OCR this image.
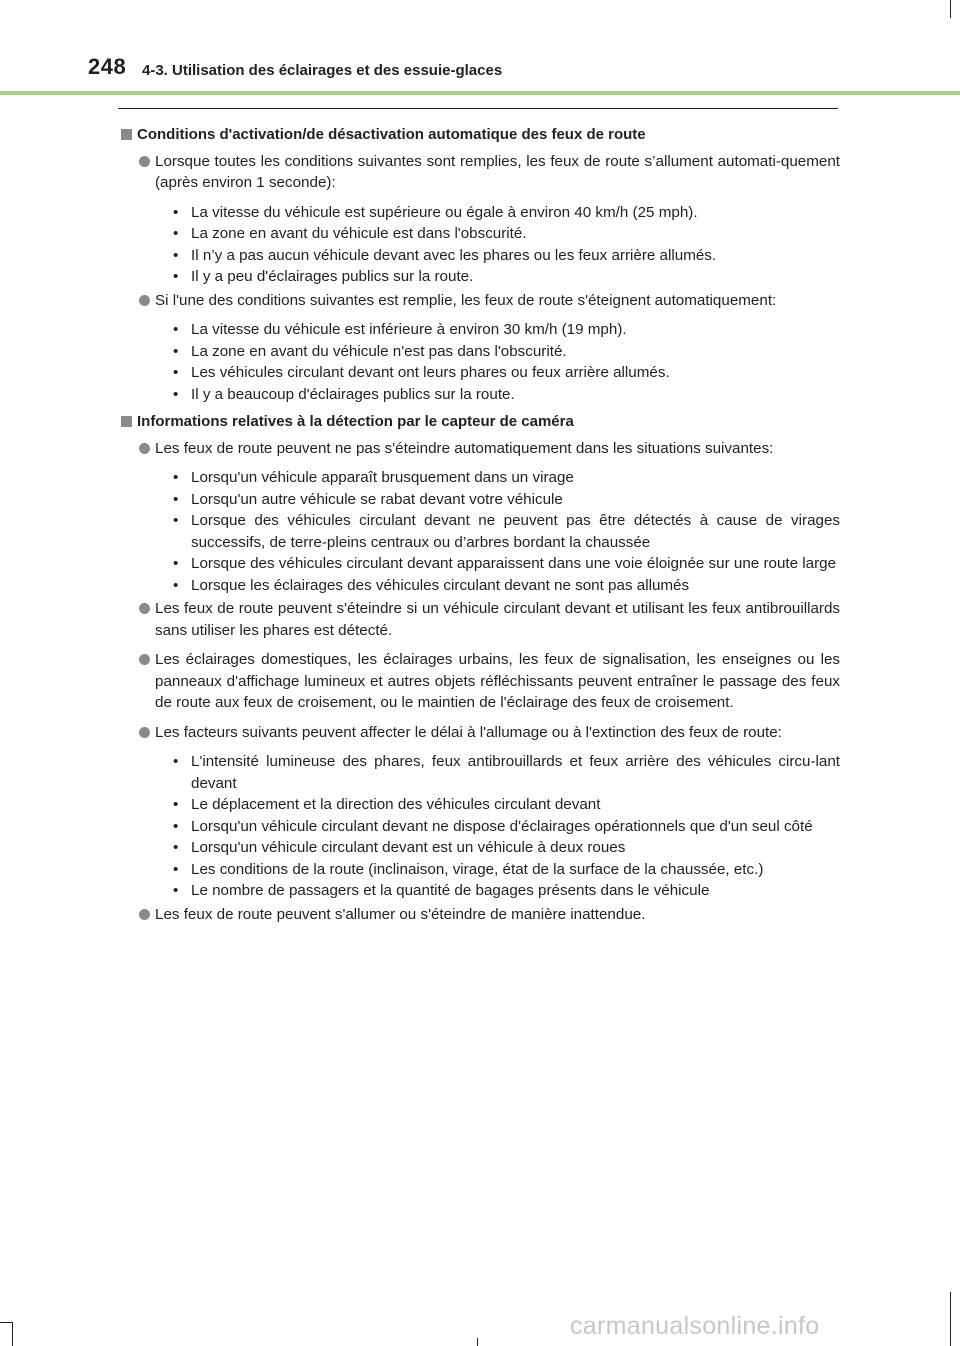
248 4-3. Utilisation des éclairages et des essuie-glaces
Conditions d'activation/de désactivation automatique des feux de route
Lorsque toutes les conditions suivantes sont remplies, les feux de route s’allument automati-quement (après environ 1 seconde):
• La vitesse du véhicule est supérieure ou égale à environ 40 km/h (25 mph).
• La zone en avant du véhicule est dans l'obscurité.
• Il n’y a pas aucun véhicule devant avec les phares ou les feux arrière allumés.
• Il y a peu d'éclairages publics sur la route.
Si l'une des conditions suivantes est remplie, les feux de route s'éteignent automatiquement:
• La vitesse du véhicule est inférieure à environ 30 km/h (19 mph).
• La zone en avant du véhicule n'est pas dans l'obscurité.
• Les véhicules circulant devant ont leurs phares ou feux arrière allumés.
• Il y a beaucoup d'éclairages publics sur la route.
Informations relatives à la détection par le capteur de caméra
Les feux de route peuvent ne pas s'éteindre automatiquement dans les situations suivantes:
• Lorsqu'un véhicule apparaît brusquement dans un virage
• Lorsqu'un autre véhicule se rabat devant votre véhicule
• Lorsque des véhicules circulant devant ne peuvent pas être détectés à cause de virages successifs, de terre-pleins centraux ou d’arbres bordant la chaussée
• Lorsque des véhicules circulant devant apparaissent dans une voie éloignée sur une route large
• Lorsque les éclairages des véhicules circulant devant ne sont pas allumés
Les feux de route peuvent s'éteindre si un véhicule circulant devant et utilisant les feux antibrouillards sans utiliser les phares est détecté.
Les éclairages domestiques, les éclairages urbains, les feux de signalisation, les enseignes ou les panneaux d'affichage lumineux et autres objets réfléchissants peuvent entraîner le passage des feux de route aux feux de croisement, ou le maintien de l'éclairage des feux de croisement.
Les facteurs suivants peuvent affecter le délai à l'allumage ou à l'extinction des feux de route:
• L'intensité lumineuse des phares, feux antibrouillards et feux arrière des véhicules circu-lant devant
• Le déplacement et la direction des véhicules circulant devant
• Lorsqu'un véhicule circulant devant ne dispose d'éclairages opérationnels que d'un seul côté
• Lorsqu'un véhicule circulant devant est un véhicule à deux roues
• Les conditions de la route (inclinaison, virage, état de la surface de la chaussée, etc.)
• Le nombre de passagers et la quantité de bagages présents dans le véhicule
Les feux de route peuvent s'allumer ou s'éteindre de manière inattendue.
carmanualsonline.info
